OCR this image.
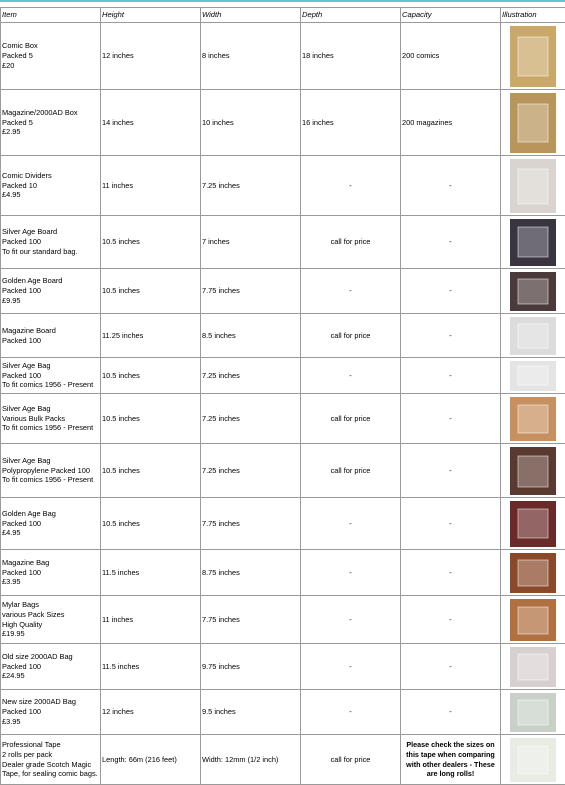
Item	Height	Width	Depth	Capacity	Illustration

Comic Box
Packed 5
£20	12 inches	8 inches	18 inches	200 comics	

Magazine/2000AD Box
Packed 5
£2.95	14 inches	10 inches	16 inches	200 magazines	

Comic Dividers
Packed 10
£4.95	11 inches	7.25 inches	-	-	

Silver Age Board
Packed 100
To fit our standard bag.	10.5 inches	7 inches	call for price	-	

Golden Age Board
Packed 100
£9.95	10.5 inches	7.75 inches	-	-	

Magazine Board
Packed 100	11.25 inches	8.5 inches	call for price	-	

Silver Age Bag
Packed 100
To fit comics 1956 - Present	10.5 inches	7.25 inches	-	-	

Silver Age Bag
Various Bulk Packs
To fit comics 1956 - Present	10.5 inches	7.25 inches	call for price	-	

Silver Age Bag
Polypropylene Packed 100
To fit comics 1956 - Present	10.5 inches	7.25 inches	call for price	-	

Golden Age Bag
Packed 100
£4.95	10.5 inches	7.75 inches	-	-	

Magazine Bag
Packed 100
£3.95	11.5 inches	8.75 inches	-	-	

Mylar Bags
various Pack Sizes
High Quality
£19.95	11 inches	7.75 inches	-	-	

Old size 2000AD Bag
Packed 100
£24.95	11.5 inches	9.75 inches	-	-	

New size 2000AD Bag
Packed 100
£3.95	12 inches	9.5 inches	-	-	

Professional Tape
2 rolls per pack
Dealer grade Scotch Magic
Tape, for sealing comic bags.	Length: 66m (216 feet)	Width: 12mm (1/2 inch)	call for price	Please check the sizes on
this tape when comparing
with other dealers - These
are long rolls!
